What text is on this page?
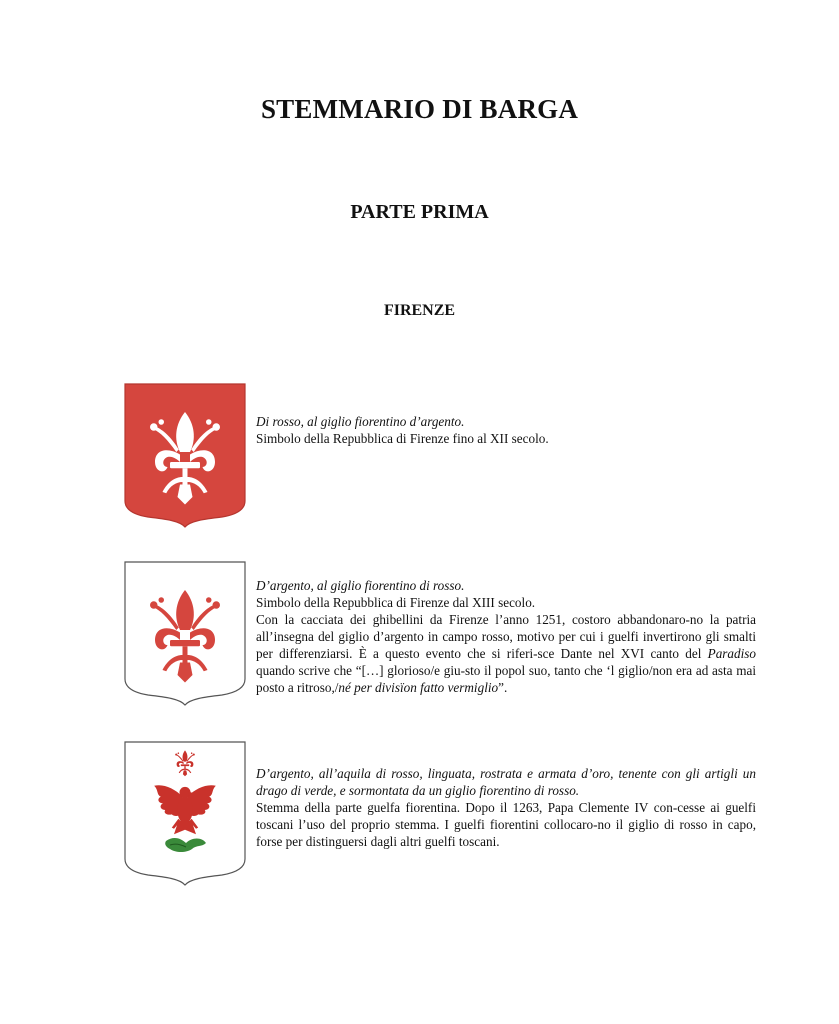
STEMMARIO DI BARGA
PARTE PRIMA
FIRENZE

Di rosso, al giglio fiorentino d’argento.

Simbolo della Repubblica di Firenze fino al XII secolo.

D’argento, al giglio fiorentino di rosso.

Simbolo della Repubblica di Firenze dal XIII secolo.

Con la cacciata dei ghibellini da Firenze l’anno 1251, costoro abbandonaro-no la patria all’insegna del giglio d’argento in campo rosso, motivo per cui i guelfi invertirono gli smalti per differenziarsi. È a questo evento che si riferi-sce Dante nel XVI canto del Paradiso quando scrive che “[…] glorioso/e giu-sto il popol suo, tanto che ‘l giglio/non era ad asta mai posto a ritroso,/né per divisïon fatto vermiglio”.

D’argento, all’aquila di rosso, linguata, rostrata e armata d’oro, tenente con gli artigli un drago di verde, e sormontata da un giglio fiorentino di rosso.

Stemma della parte guelfa fiorentina. Dopo il 1263, Papa Clemente IV con-cesse ai guelfi toscani l’uso del proprio stemma. I guelfi fiorentini collocaro-no il giglio di rosso in capo, forse per distinguersi dagli altri guelfi toscani.
